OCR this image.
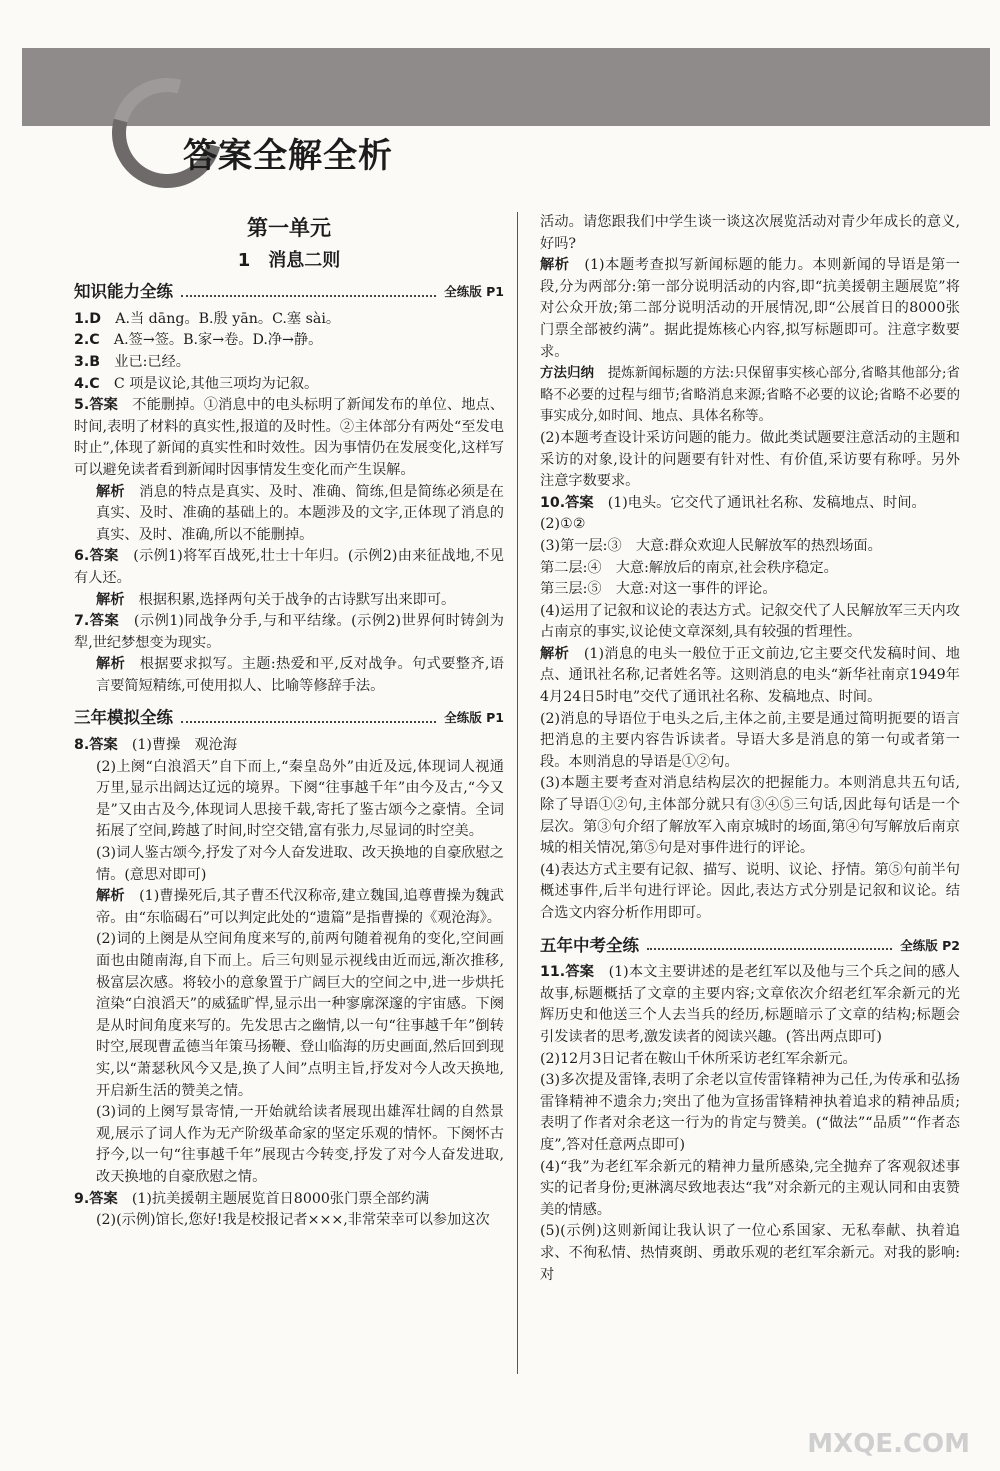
答案全解全析

第一单元

1　消息二则

知识能力全练	全练版 P1

1.D　A.当 dāng。B.殷 yān。C.塞 sài。

2.C　A.签→签。B.家→卷。D.净→静。

3.B　业已:已经。

4.C　C 项是议论,其他三项均为记叙。

5.答案　不能删掉。①消息中的电头标明了新闻发布的单位、地点、时间,表明了材料的真实性,报道的及时性。②主体部分有两处“至发电时止”,体现了新闻的真实性和时效性。因为事情仍在发展变化,这样写可以避免读者看到新闻时因事情发生变化而产生误解。

解析　消息的特点是真实、及时、准确、简练,但是简练必须是在真实、及时、准确的基础上的。本题涉及的文字,正体现了消息的真实、及时、准确,所以不能删掉。

6.答案　(示例1)将军百战死,壮士十年归。(示例2)由来征战地,不见有人还。

解析　根据积累,选择两句关于战争的古诗默写出来即可。

7.答案　(示例1)同战争分手,与和平结缘。(示例2)世界何时铸剑为犁,世纪梦想变为现实。

解析　根据要求拟写。主题:热爱和平,反对战争。句式要整齐,语言要简短精练,可使用拟人、比喻等修辞手法。

三年模拟全练	全练版 P1

8.答案　(1)曹操　观沧海

(2)上阕“白浪滔天”自下而上,“秦皇岛外”由近及远,体现词人视通万里,显示出阔达辽远的境界。下阕“往事越千年”由今及古,“今又是”又由古及今,体现词人思接千载,寄托了鉴古颂今之豪情。全词拓展了空间,跨越了时间,时空交错,富有张力,尽显词的时空美。

(3)词人鉴古颂今,抒发了对今人奋发进取、改天换地的自豪欣慰之情。(意思对即可)

解析　(1)曹操死后,其子曹丕代汉称帝,建立魏国,追尊曹操为魏武帝。由“东临碣石”可以判定此处的“遗篇”是指曹操的《观沧海》。

(2)词的上阕是从空间角度来写的,前两句随着视角的变化,空间画面也由随南海,自下而上。后三句则显示视线由近而远,渐次推移,极富层次感。将较小的意象置于广阔巨大的空间之中,进一步烘托渲染“白浪滔天”的威猛旷悍,显示出一种寥廓深邃的宇宙感。下阕是从时间角度来写的。先发思古之幽情,以一句“往事越千年”倒转时空,展现曹孟德当年策马扬鞭、登山临海的历史画面,然后回到现实,以“萧瑟秋风今又是,换了人间”点明主旨,抒发对今人改天换地,开启新生活的赞美之情。

(3)词的上阕写景寄情,一开始就给读者展现出雄浑壮阔的自然景观,展示了词人作为无产阶级革命家的坚定乐观的情怀。下阕怀古抒今,以一句“往事越千年”展现古今转变,抒发了对今人奋发进取,改天换地的自豪欣慰之情。

9.答案　(1)抗美援朝主题展览首日8000张门票全部约满

(2)(示例)馆长,您好!我是校报记者×××,非常荣幸可以参加这次

活动。请您跟我们中学生谈一谈这次展览活动对青少年成长的意义,好吗?

解析　(1)本题考查拟写新闻标题的能力。本则新闻的导语是第一段,分为两部分:第一部分说明活动的内容,即“抗美援朝主题展览”将对公众开放;第二部分说明活动的开展情况,即“公展首日的8000张门票全部被约满”。据此提炼核心内容,拟写标题即可。注意字数要求。

方法归纳　提炼新闻标题的方法:只保留事实核心部分,省略其他部分;省略不必要的过程与细节;省略消息来源;省略不必要的议论;省略不必要的事实成分,如时间、地点、具体名称等。

(2)本题考查设计采访问题的能力。做此类试题要注意活动的主题和采访的对象,设计的问题要有针对性、有价值,采访要有称呼。另外注意字数要求。

10.答案　(1)电头。它交代了通讯社名称、发稿地点、时间。

(2)①②

(3)第一层:③　大意:群众欢迎人民解放军的热烈场面。

第二层:④　大意:解放后的南京,社会秩序稳定。

第三层:⑤　大意:对这一事件的评论。

(4)运用了记叙和议论的表达方式。记叙交代了人民解放军三天内攻占南京的事实,议论使文章深刻,具有较强的哲理性。

解析　(1)消息的电头一般位于正文前边,它主要交代发稿时间、地点、通讯社名称,记者姓名等。这则消息的电头“新华社南京1949年4月24日5时电”交代了通讯社名称、发稿地点、时间。

(2)消息的导语位于电头之后,主体之前,主要是通过简明扼要的语言把消息的主要内容告诉读者。导语大多是消息的第一句或者第一段。本则消息的导语是①②句。

(3)本题主要考查对消息结构层次的把握能力。本则消息共五句话,除了导语①②句,主体部分就只有③④⑤三句话,因此每句话是一个层次。第③句介绍了解放军入南京城时的场面,第④句写解放后南京城的相关情况,第⑤句是对事件进行的评论。

(4)表达方式主要有记叙、描写、说明、议论、抒情。第⑤句前半句概述事件,后半句进行评论。因此,表达方式分别是记叙和议论。结合选文内容分析作用即可。

五年中考全练	全练版 P2

11.答案　(1)本文主要讲述的是老红军以及他与三个兵之间的感人故事,标题概括了文章的主要内容;文章依次介绍老红军余新元的光辉历史和他送三个人去当兵的经历,标题暗示了文章的结构;标题会引发读者的思考,激发读者的阅读兴趣。(答出两点即可)

(2)12月3日记者在鞍山千休所采访老红军余新元。

(3)多次提及雷锋,表明了余老以宣传雷锋精神为己任,为传承和弘扬雷锋精神不遗余力;突出了他为宣扬雷锋精神执着追求的精神品质;表明了作者对余老这一行为的肯定与赞美。(“做法”“品质”“作者态度”,答对任意两点即可)

(4)“我”为老红军余新元的精神力量所感染,完全抛弃了客观叙述事实的记者身份;更淋漓尽致地表达“我”对余新元的主观认同和由衷赞美的情感。

(5)(示例)这则新闻让我认识了一位心系国家、无私奉献、执着追求、不徇私情、热情爽朗、勇敢乐观的老红军余新元。对我的影响:对

MXQE.COM
